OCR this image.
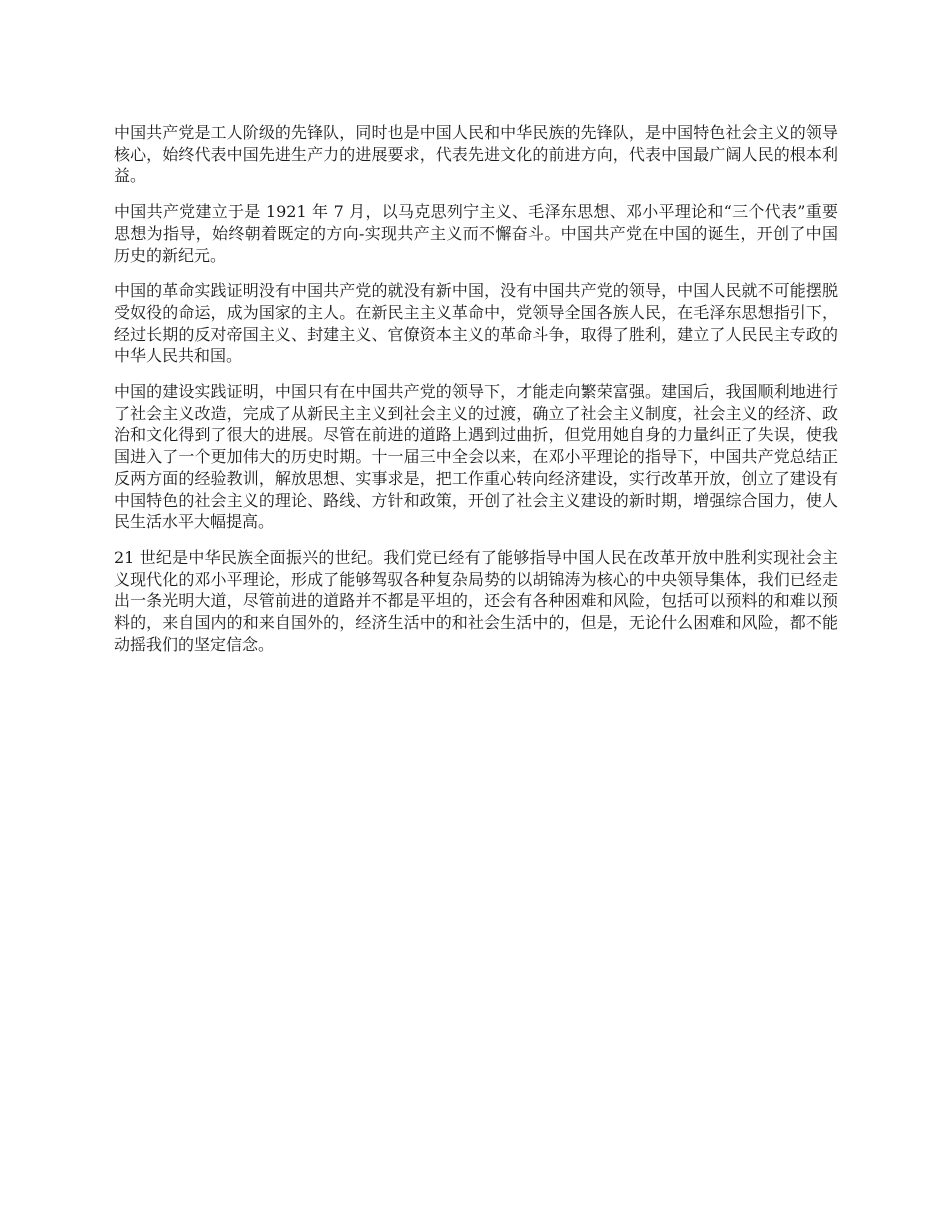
中国共产党是工人阶级的先锋队，同时也是中国人民和中华民族的先锋队，是中国特色社会主义的领导核心，始终代表中国先进生产力的进展要求，代表先进文化的前进方向，代表中国最广阔人民的根本利益。

中国共产党建立于是 1921 年 7 月，以马克思列宁主义、毛泽东思想、邓小平理论和“三个代表”重要思想为指导，始终朝着既定的方向-实现共产主义而不懈奋斗。中国共产党在中国的诞生，开创了中国历史的新纪元。

中国的革命实践证明没有中国共产党的就没有新中国，没有中国共产党的领导，中国人民就不可能摆脱受奴役的命运，成为国家的主人。在新民主主义革命中，党领导全国各族人民，在毛泽东思想指引下，经过长期的反对帝国主义、封建主义、官僚资本主义的革命斗争，取得了胜利，建立了人民民主专政的中华人民共和国。

中国的建设实践证明，中国只有在中国共产党的领导下，才能走向繁荣富强。建国后，我国顺利地进行了社会主义改造，完成了从新民主主义到社会主义的过渡，确立了社会主义制度，社会主义的经济、政治和文化得到了很大的进展。尽管在前进的道路上遇到过曲折，但党用她自身的力量纠正了失误，使我国进入了一个更加伟大的历史时期。十一届三中全会以来，在邓小平理论的指导下，中国共产党总结正反两方面的经验教训，解放思想、实事求是，把工作重心转向经济建设，实行改革开放，创立了建设有中国特色的社会主义的理论、路线、方针和政策，开创了社会主义建设的新时期，增强综合国力，使人民生活水平大幅提高。

21 世纪是中华民族全面振兴的世纪。我们党已经有了能够指导中国人民在改革开放中胜利实现社会主义现代化的邓小平理论，形成了能够驾驭各种复杂局势的以胡锦涛为核心的中央领导集体，我们已经走出一条光明大道，尽管前进的道路并不都是平坦的，还会有各种困难和风险，包括可以预料的和难以预料的，来自国内的和来自国外的，经济生活中的和社会生活中的，但是，无论什么困难和风险，都不能动摇我们的坚定信念。
